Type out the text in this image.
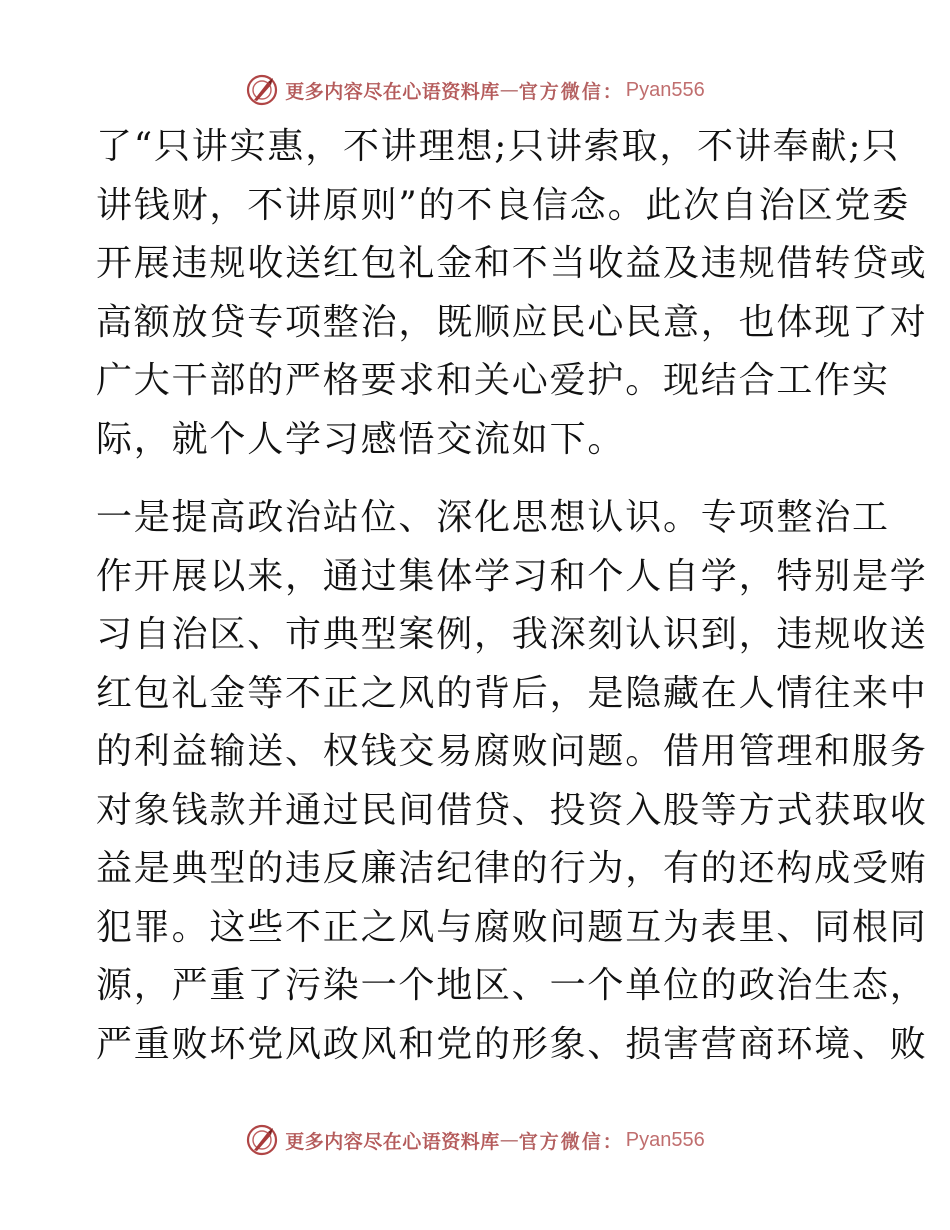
更多内容尽在心语资料库 — 官方微信： Pyan556
了“只讲实惠，不讲理想;只讲索取，不讲奉献;只
讲钱财，不讲原则”的不良信念。此次自治区党委
开展违规收送红包礼金和不当收益及违规借转贷或
高额放贷专项整治，既顺应民心民意，也体现了对
广大干部的严格要求和关心爱护。现结合工作实
际，就个人学习感悟交流如下。
一是提高政治站位、深化思想认识。专项整治工
作开展以来，通过集体学习和个人自学，特别是学
习自治区、市典型案例，我深刻认识到，违规收送
红包礼金等不正之风的背后，是隐藏在人情往来中
的利益输送、权钱交易腐败问题。借用管理和服务
对象钱款并通过民间借贷、投资入股等方式获取收
益是典型的违反廉洁纪律的行为，有的还构成受贿
犯罪。这些不正之风与腐败问题互为表里、同根同
源，严重了污染一个地区、一个单位的政治生态，
严重败坏党风政风和党的形象、损害营商环境、败
更多内容尽在心语资料库 — 官方微信： Pyan556
